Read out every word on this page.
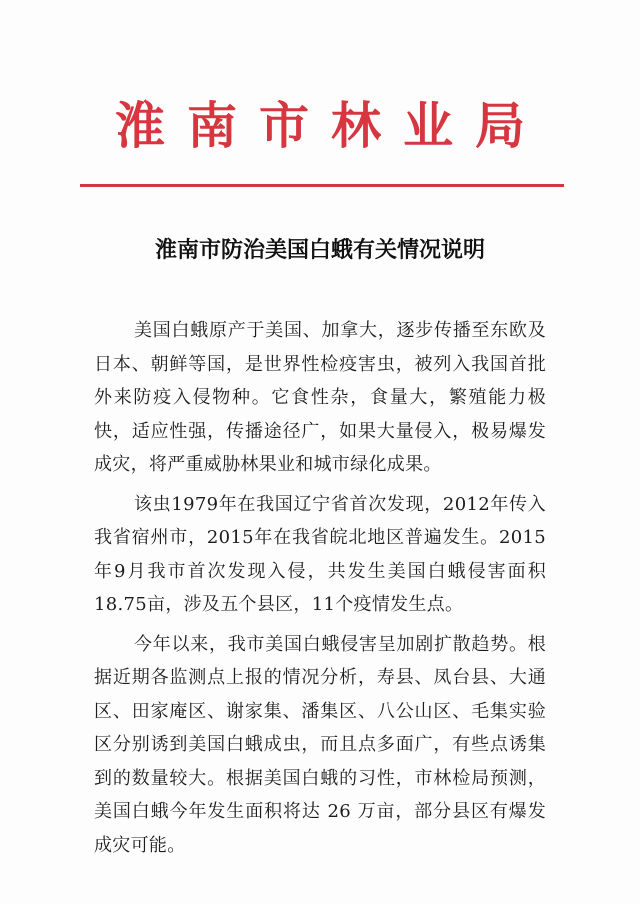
淮南市林业局
淮南市防治美国白蛾有关情况说明

美国白蛾原产于美国、加拿大，逐步传播至东欧及日本、朝鲜等国，是世界性检疫害虫，被列入我国首批外来防疫入侵物种。它食性杂，食量大，繁殖能力极快，适应性强，传播途径广，如果大量侵入，极易爆发成灾，将严重威胁林果业和城市绿化成果。

该虫1979年在我国辽宁省首次发现，2012年传入我省宿州市，2015年在我省皖北地区普遍发生。2015年9月我市首次发现入侵，共发生美国白蛾侵害面积18.75亩，涉及五个县区，11个疫情发生点。

今年以来，我市美国白蛾侵害呈加剧扩散趋势。根据近期各监测点上报的情况分析，寿县、凤台县、大通区、田家庵区、谢家集、潘集区、八公山区、毛集实验区分别诱到美国白蛾成虫，而且点多面广，有些点诱集到的数量较大。根据美国白蛾的习性，市林检局预测，美国白蛾今年发生面积将达 26 万亩，部分县区有爆发成灾可能。
